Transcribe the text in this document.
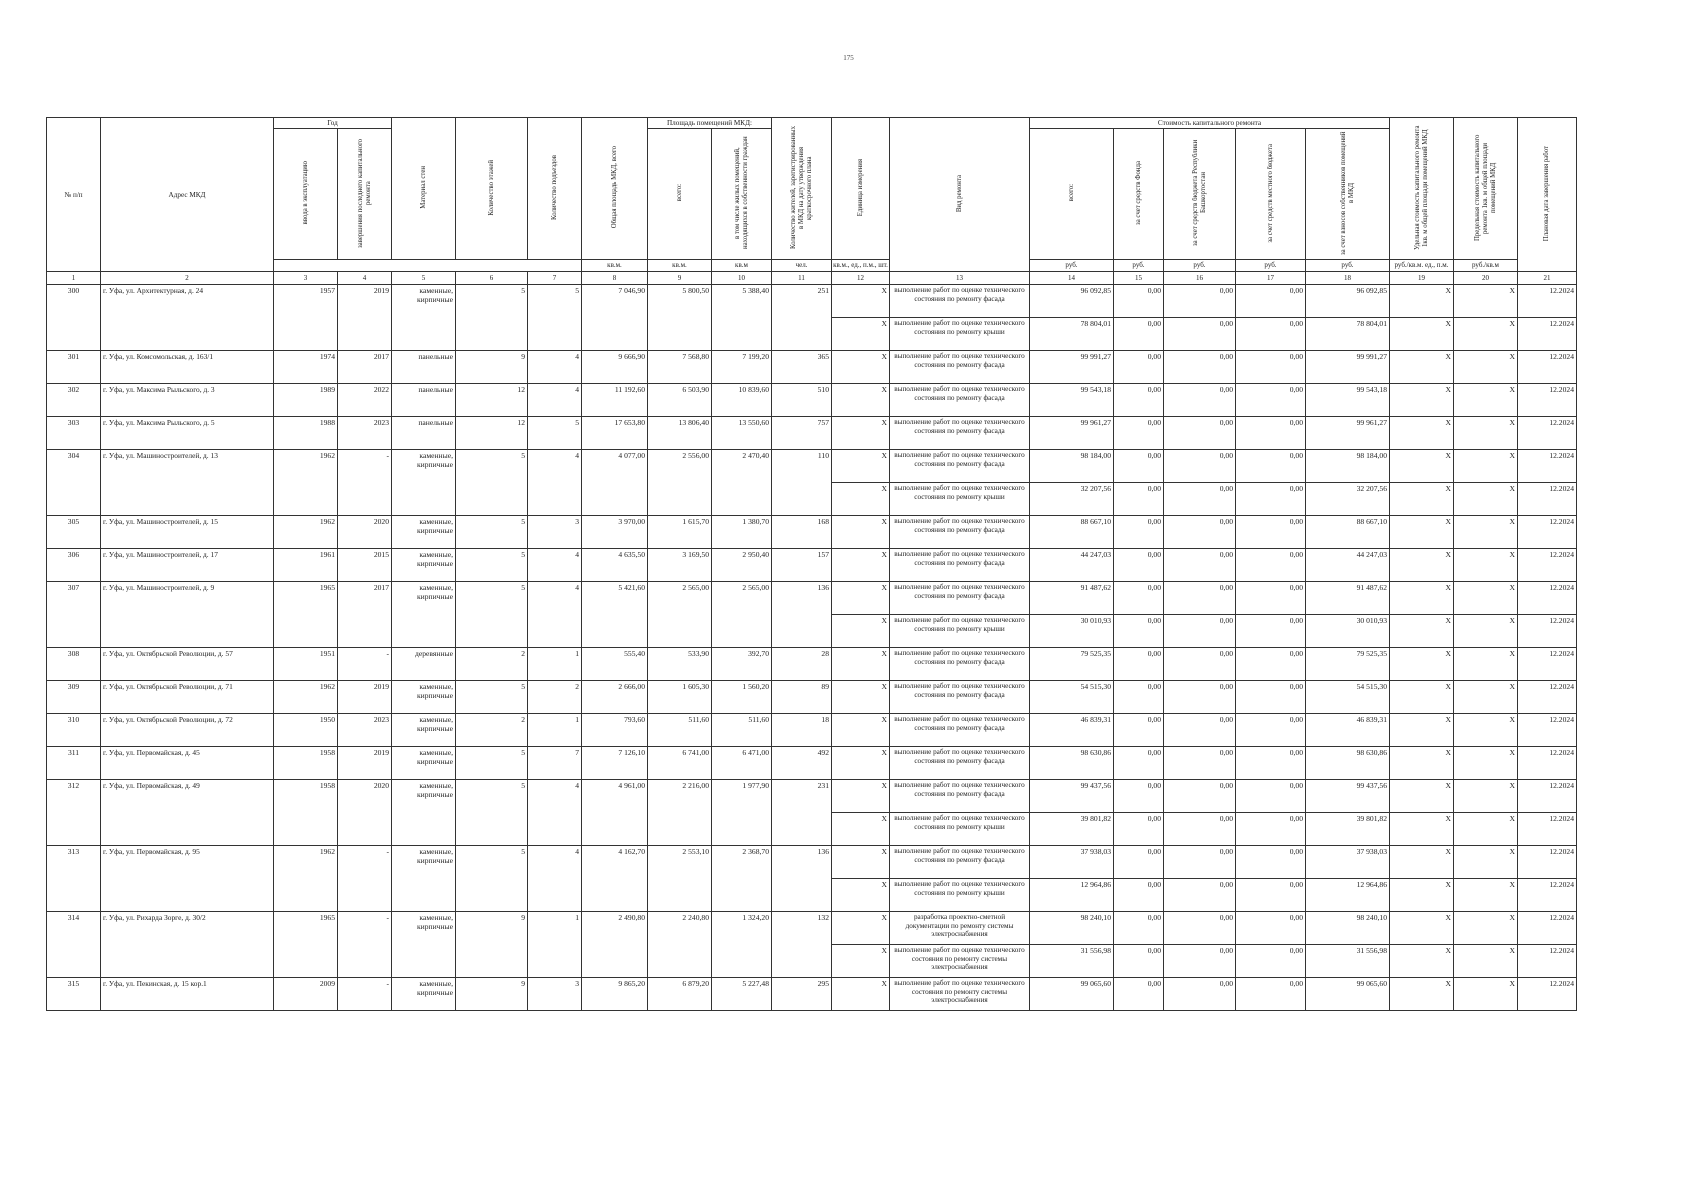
175
№ п/п	Адрес МКД	Год		Материал стен	Количество этажей	Количество подъездов	Общая площадь МКД, всего	Площадь помещений МКД:		Количество жителей, зарегистрированных в МКД на дату утверждения краткосрочного плана	Единица измерения	Вид ремонта	Стоимость капитального ремонта					Удельная стоимость капитального ремонта 1кв. м общей площади помещений МКД	Предельная стоимость капитального ремонта 1кв. м общей площади помещений МКД	Плановая дата завершения работ
		ввода в эксплуатацию	завершения последнего капитального ремонта					всего:	в том числе жилых помещений, находящихся в собственности граждан				всего:	за счет средств Фонда	за счет средств бюджета Республики Башкортостан	за счет средств местного бюджета	за счет взносов собственников помещений в МКД			
							кв.м.	кв.м.	кв.м	чел.	кв.м., ед., п.м., шт.		руб.	руб.	руб.	руб.	руб.	руб./кв.м. ед., п.м.	руб./кв.м	
1	2	3	4	5	6	7	8	9	10	11	12	13	14	15	16	17	18	19	20	21
300	г. Уфа, ул. Архитектурная, д. 24	1957	2019	каменные, кирпичные	5	5	7 046,90	5 800,50	5 388,40	251	X	выполнение работ по оценке технического состояния по ремонту фасада	96 092,85	0,00	0,00	0,00	96 092,85	X	X	12.2024
											X	выполнение работ по оценке технического состояния по ремонту крыши	78 804,01	0,00	0,00	0,00	78 804,01	X	X	12.2024
301	г. Уфа, ул. Комсомольская, д. 163/1	1974	2017	панельные	9	4	9 666,90	7 568,80	7 199,20	365	X	выполнение работ по оценке технического состояния по ремонту фасада	99 991,27	0,00	0,00	0,00	99 991,27	X	X	12.2024
302	г. Уфа, ул. Максима Рыльского, д. 3	1989	2022	панельные	12	4	11 192,60	6 503,90	10 839,60	510	X	выполнение работ по оценке технического состояния по ремонту фасада	99 543,18	0,00	0,00	0,00	99 543,18	X	X	12.2024
303	г. Уфа, ул. Максима Рыльского, д. 5	1988	2023	панельные	12	5	17 653,80	13 806,40	13 550,60	757	X	выполнение работ по оценке технического состояния по ремонту фасада	99 961,27	0,00	0,00	0,00	99 961,27	X	X	12.2024
304	г. Уфа, ул. Машиностроителей, д. 13	1962	-	каменные, кирпичные	5	4	4 077,00	2 556,00	2 470,40	110	X	выполнение работ по оценке технического состояния по ремонту фасада	98 184,00	0,00	0,00	0,00	98 184,00	X	X	12.2024
											X	выполнение работ по оценке технического состояния по ремонту крыши	32 207,56	0,00	0,00	0,00	32 207,56	X	X	12.2024
305	г. Уфа, ул. Машиностроителей, д. 15	1962	2020	каменные, кирпичные	5	3	3 970,00	1 615,70	1 380,70	168	X	выполнение работ по оценке технического состояния по ремонту фасада	88 667,10	0,00	0,00	0,00	88 667,10	X	X	12.2024
306	г. Уфа, ул. Машиностроителей, д. 17	1961	2015	каменные, кирпичные	5	4	4 635,50	3 169,50	2 950,40	157	X	выполнение работ по оценке технического состояния по ремонту фасада	44 247,03	0,00	0,00	0,00	44 247,03	X	X	12.2024
307	г. Уфа, ул. Машиностроителей, д. 9	1965	2017	каменные, кирпичные	5	4	5 421,60	2 565,00	2 565,00	136	X	выполнение работ по оценке технического состояния по ремонту фасада	91 487,62	0,00	0,00	0,00	91 487,62	X	X	12.2024
											X	выполнение работ по оценке технического состояния по ремонту крыши	30 010,93	0,00	0,00	0,00	30 010,93	X	X	12.2024
308	г. Уфа, ул. Октябрьской Революции, д. 57	1951	-	деревянные	2	1	555,40	533,90	392,70	28	X	выполнение работ по оценке технического состояния по ремонту фасада	79 525,35	0,00	0,00	0,00	79 525,35	X	X	12.2024
309	г. Уфа, ул. Октябрьской Революции, д. 71	1962	2019	каменные, кирпичные	5	2	2 666,00	1 605,30	1 560,20	89	X	выполнение работ по оценке технического состояния по ремонту фасада	54 515,30	0,00	0,00	0,00	54 515,30	X	X	12.2024
310	г. Уфа, ул. Октябрьской Революции, д. 72	1950	2023	каменные, кирпичные	2	1	793,60	511,60	511,60	18	X	выполнение работ по оценке технического состояния по ремонту фасада	46 839,31	0,00	0,00	0,00	46 839,31	X	X	12.2024
311	г. Уфа, ул. Первомайская, д. 45	1958	2019	каменные, кирпичные	5	7	7 126,10	6 741,00	6 471,00	492	X	выполнение работ по оценке технического состояния по ремонту фасада	98 630,86	0,00	0,00	0,00	98 630,86	X	X	12.2024
312	г. Уфа, ул. Первомайская, д. 49	1958	2020	каменные, кирпичные	5	4	4 961,00	2 216,00	1 977,90	231	X	выполнение работ по оценке технического состояния по ремонту фасада	99 437,56	0,00	0,00	0,00	99 437,56	X	X	12.2024
											X	выполнение работ по оценке технического состояния по ремонту крыши	39 801,82	0,00	0,00	0,00	39 801,82	X	X	12.2024
313	г. Уфа, ул. Первомайская, д. 95	1962	-	каменные, кирпичные	5	4	4 162,70	2 553,10	2 368,70	136	X	выполнение работ по оценке технического состояния по ремонту фасада	37 938,03	0,00	0,00	0,00	37 938,03	X	X	12.2024
											X	выполнение работ по оценке технического состояния по ремонту крыши	12 964,86	0,00	0,00	0,00	12 964,86	X	X	12.2024
314	г. Уфа, ул. Рихарда Зорге, д. 30/2	1965	-	каменные, кирпичные	9	1	2 490,80	2 240,80	1 324,20	132	X	разработка проектно-сметной документации по ремонту системы электроснабжения	98 240,10	0,00	0,00	0,00	98 240,10	X	X	12.2024
											X	выполнение работ по оценке технического состояния по ремонту системы электроснабжения	31 556,98	0,00	0,00	0,00	31 556,98	X	X	12.2024
315	г. Уфа, ул. Пекинская, д. 15 кор.1	2009	-	каменные, кирпичные	9	3	9 865,20	6 879,20	5 227,48	295	X	выполнение работ по оценке технического состояния по ремонту системы электроснабжения	99 065,60	0,00	0,00	0,00	99 065,60	X	X	12.2024
